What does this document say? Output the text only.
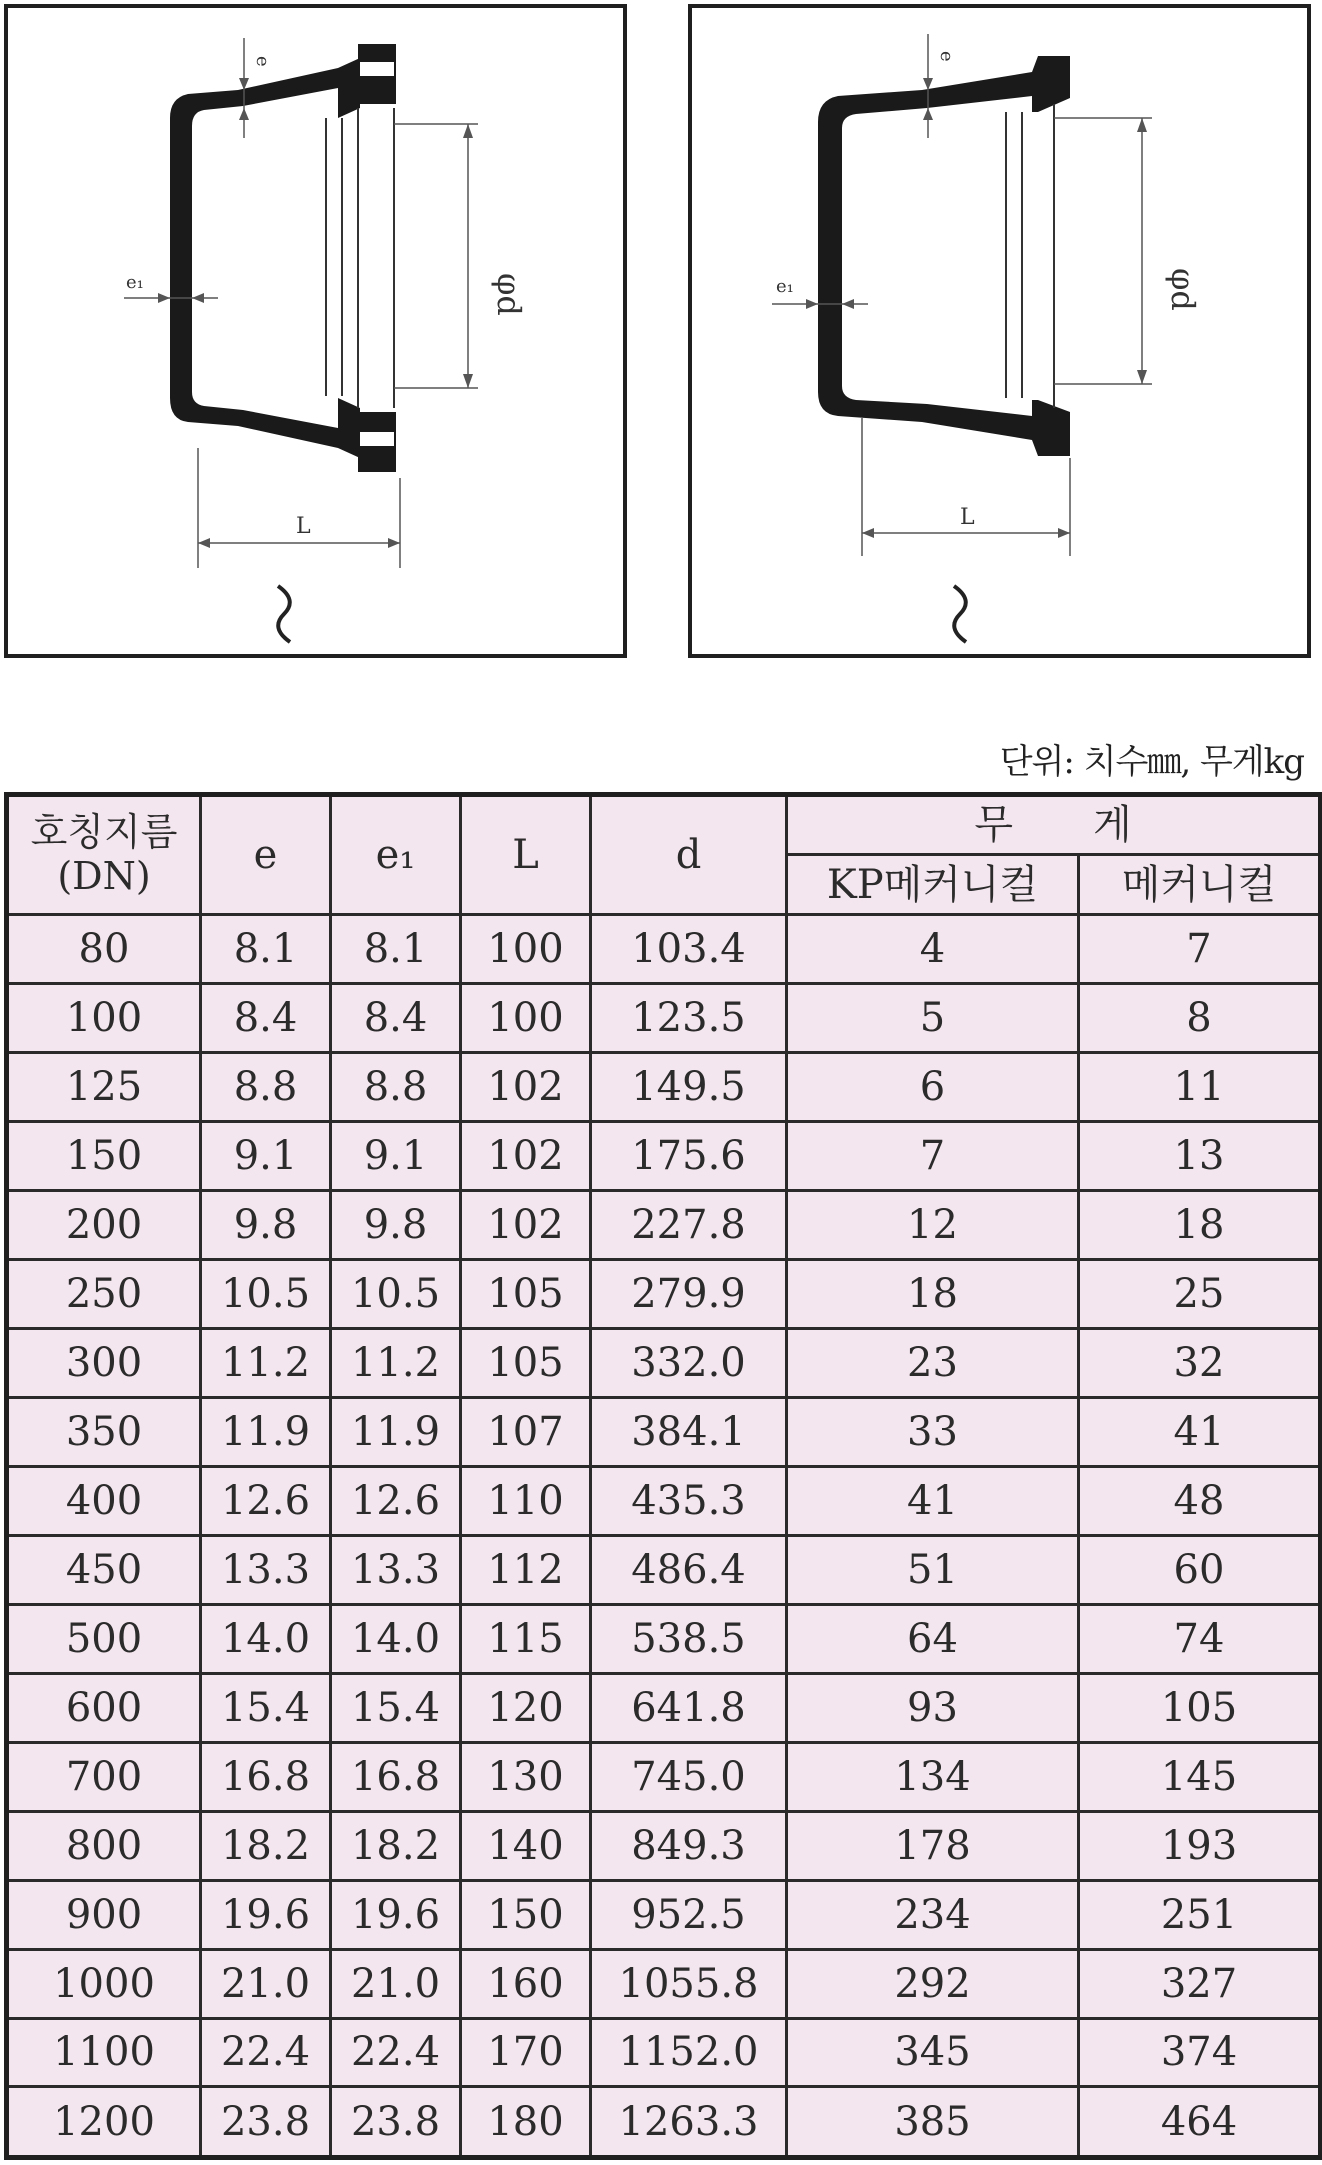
φd
e
e₁
L
φd
e
e₁
L
단위: 치수㎜, 무게kg
호칭지름
(DN)	e	e₁	L	d	무　　게	
					KP메커니컬	메커니컬
80	8.1	8.1	100	103.4	4	7
100	8.4	8.4	100	123.5	5	8
125	8.8	8.8	102	149.5	6	11
150	9.1	9.1	102	175.6	7	13
200	9.8	9.8	102	227.8	12	18
250	10.5	10.5	105	279.9	18	25
300	11.2	11.2	105	332.0	23	32
350	11.9	11.9	107	384.1	33	41
400	12.6	12.6	110	435.3	41	48
450	13.3	13.3	112	486.4	51	60
500	14.0	14.0	115	538.5	64	74
600	15.4	15.4	120	641.8	93	105
700	16.8	16.8	130	745.0	134	145
800	18.2	18.2	140	849.3	178	193
900	19.6	19.6	150	952.5	234	251
1000	21.0	21.0	160	1055.8	292	327
1100	22.4	22.4	170	1152.0	345	374
1200	23.8	23.8	180	1263.3	385	464
